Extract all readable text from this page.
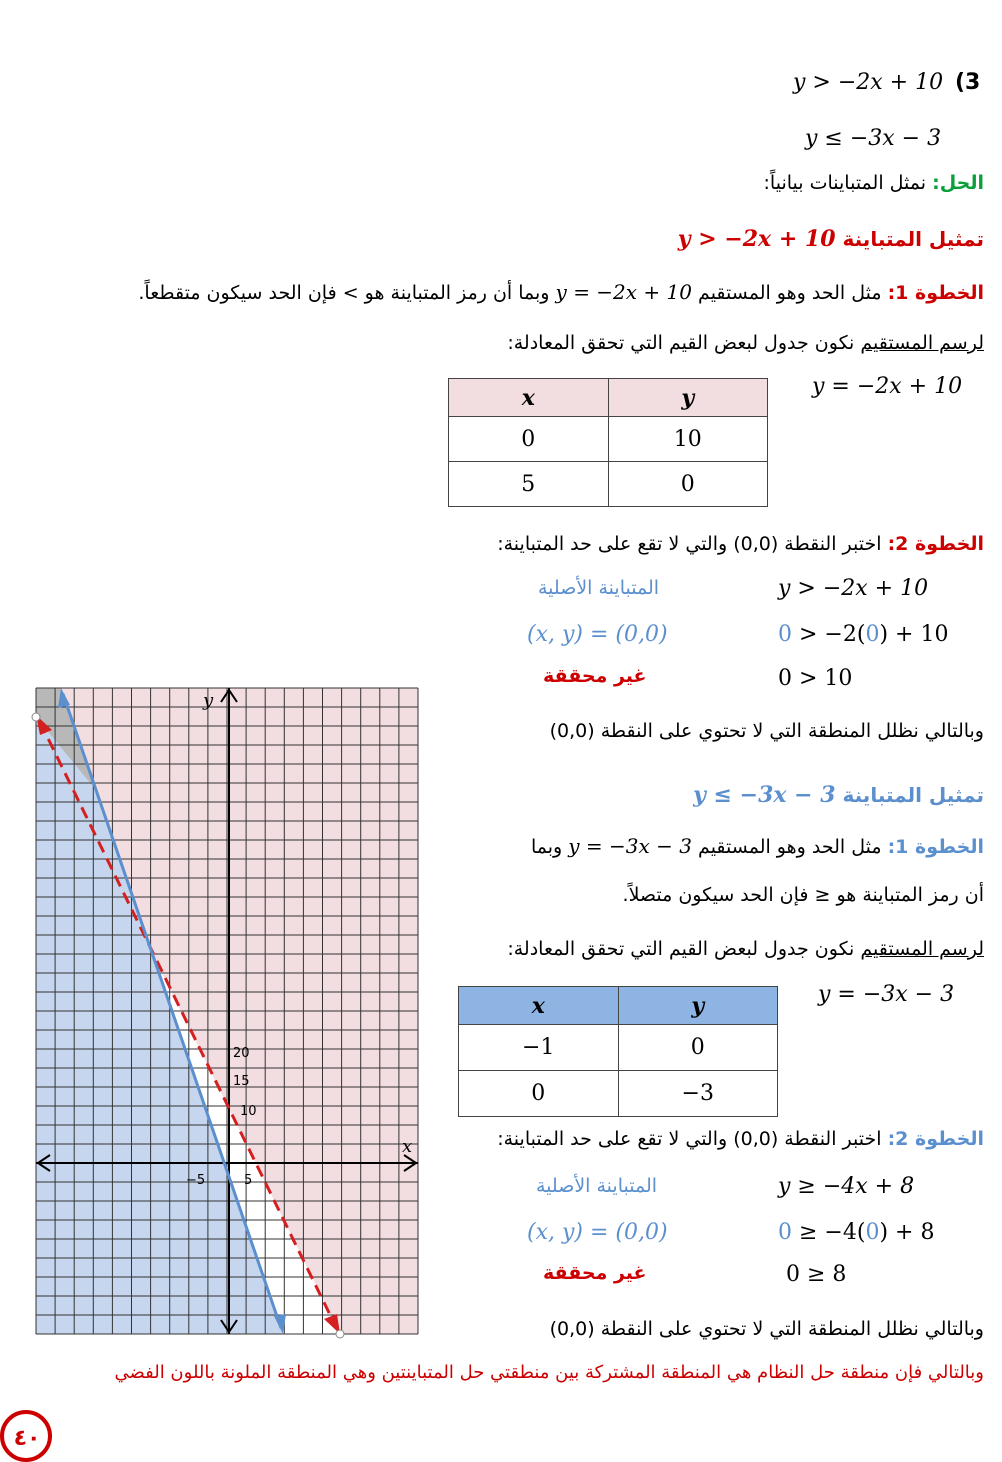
y > −2x + 10 (3
y ≤ −3x − 3
الحل: نمثل المتباينات بيانياً:
تمثيل المتباينة y > −2x + 10
الخطوة 1: مثل الحد وهو المستقيم y = −2x + 10 وبما أن رمز المتباينة هو > فإن الحد سيكون متقطعاً.
لرسم المستقيم نكون جدول لبعض القيم التي تحقق المعادلة:
y = −2x + 10
x	y
0	10
5	0
الخطوة 2: اختبر النقطة (0,0) والتي لا تقع على حد المتباينة:
المتباينة الأصلية	y > −2x + 10
(x, y) = (0,0)	0 > −2(0) + 10
غير محققة	0 > 10
وبالتالي نظلل المنطقة التي لا تحتوي على النقطة (0,0)
تمثيل المتباينة y ≤ −3x − 3
الخطوة 1: مثل الحد وهو المستقيم y = −3x − 3 وبما
أن رمز المتباينة هو ≤ فإن الحد سيكون متصلاً.
لرسم المستقيم نكون جدول لبعض القيم التي تحقق المعادلة:
y = −3x − 3
x	y
−1	0
0	−3
الخطوة 2: اختبر النقطة (0,0) والتي لا تقع على حد المتباينة:
المتباينة الأصلية	y ≥ −4x + 8
(x, y) = (0,0)	0 ≥ −4(0) + 8
غير محققة	0 ≥ 8
وبالتالي نظلل المنطقة التي لا تحتوي على النقطة (0,0)
وبالتالي فإن منطقة حل النظام هي المنطقة المشتركة بين منطقتي حل المتباينتين وهي المنطقة الملونة باللون الفضي
٤٠
x
y
−5	5
10
15
20
